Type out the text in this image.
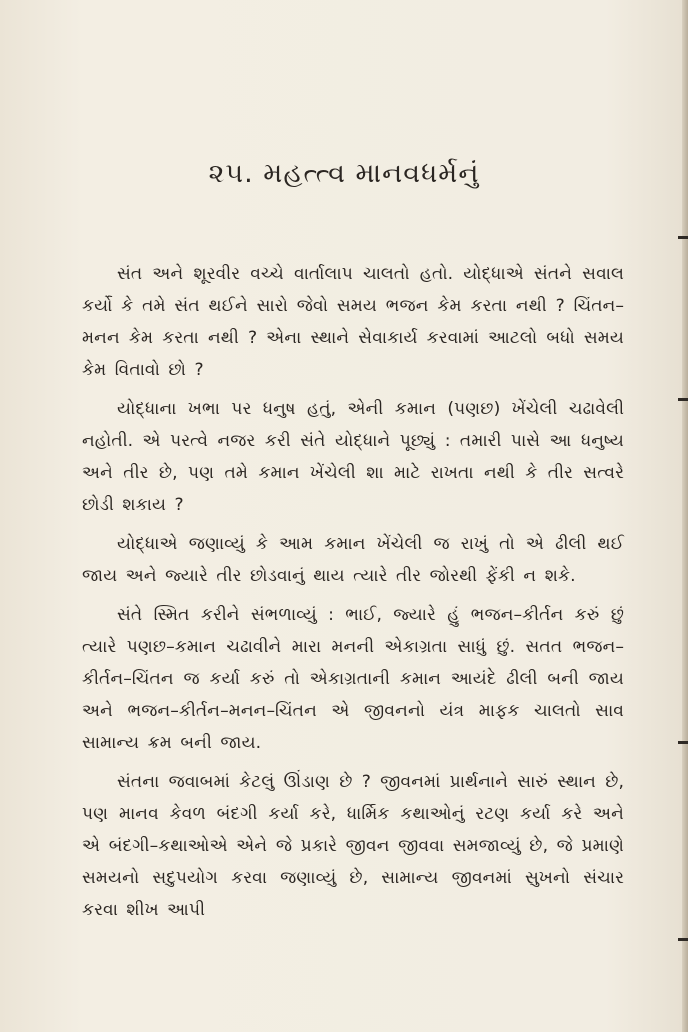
૨૫. મહત્ત્વ માનવધર્મનું

સંત અને શૂરવીર વચ્ચે વાર્તાલાપ ચાલતો હતો. યોદ્ધાએ સંતને સવાલ કર્યો કે તમે સંત થઈને સારો જેવો સમય ભજન કેમ કરતા નથી ? ચિંતન–મનન કેમ કરતા નથી ? એના સ્થાને સેવાકાર્ય કરવામાં આટલો બધો સમય કેમ વિતાવો છો ?

યોદ્ધાના ખભા પર ધનુષ હતું, એની કમાન (પણછ) ખેંચેલી ચઢાવેલી નહોતી. એ પરત્વે નજર કરી સંતે યોદ્ધાને પૂછ્યું : તમારી પાસે આ ધનુષ્ય અને તીર છે, પણ તમે કમાન ખેંચેલી શા માટે રાખતા નથી કે તીર સત્વરે છોડી શકાય ?

યોદ્ધાએ જણાવ્યું કે આમ કમાન ખેંચેલી જ રાખું તો એ ઢીલી થઈ જાય અને જ્યારે તીર છોડવાનું થાય ત્યારે તીર જોરથી ફેંકી ન શકે.

સંતે સ્મિત કરીને સંભળાવ્યું : ભાઈ, જ્યારે હું ભજન–કીર્તન કરું છું ત્યારે પણછ–કમાન ચઢાવીને મારા મનની એકાગ્રતા સાધું છું. સતત ભજન–કીર્તન–ચિંતન જ કર્યા કરું તો એકાગ્રતાની કમાન આયંદે ઢીલી બની જાય અને ભજન–કીર્તન–મનન–ચિંતન એ જીવનનો યંત્ર માફક ચાલતો સાવ સામાન્ય ક્રમ બની જાય.

સંતના જવાબમાં કેટલું ઊંડાણ છે ? જીવનમાં પ્રાર્થનાને સારું સ્થાન છે, પણ માનવ કેવળ બંદગી કર્યા કરે, ધાર્મિક કથાઓનું રટણ કર્યા કરે અને એ બંદગી–કથાઓએ એને જે પ્રકારે જીવન જીવવા સમજાવ્યું છે, જે પ્રમાણે સમયનો સદુપયોગ કરવા જણાવ્યું છે, સામાન્ય જીવનમાં સુખનો સંચાર કરવા શીખ આપી
